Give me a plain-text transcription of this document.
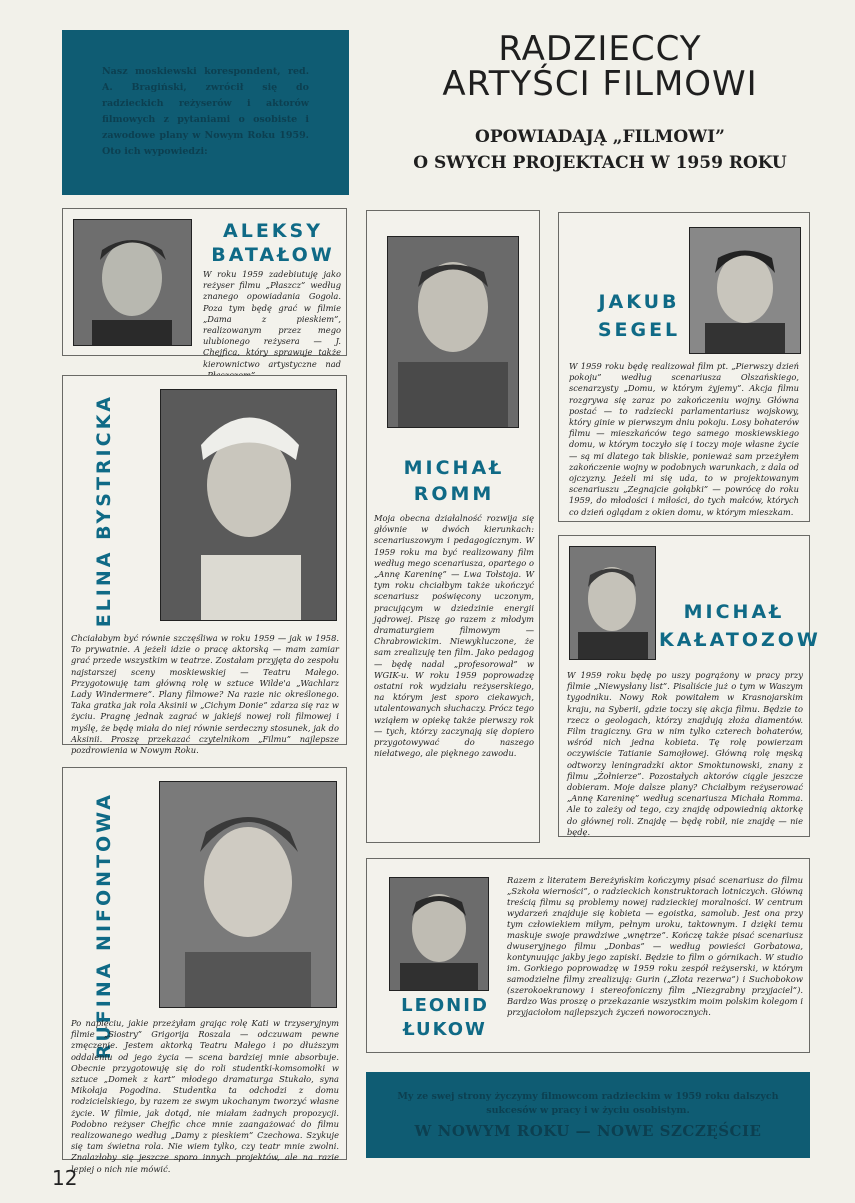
Nasz moskiewski korespondent, red. A. Bragiński, zwrócił się do radzieckich reżyserów i aktorów filmowych z pytaniami o osobiste i zawodowe plany w Nowym Roku 1959. Oto ich wypowiedzi:
RADZIECCY
ARTYŚCI FILMOWI
OPOWIADAJĄ „FILMOWI”
O SWYCH PROJEKTACH W 1959 ROKU
ALEKSY
BATAŁOW
W roku 1959 zadebiutuję jako reżyser filmu „Płaszcz” według znanego opowiadania Gogola. Poza tym będę grać w filmie „Dama z pieskiem”, realizowanym przez mego ulubionego reżysera — J. Chejfica, który sprawuje także kierownictwo artystyczne nad
ELINA BYSTRICKA
Chciałabym być równie szczęśliwa w roku 1959 — jak w 1958. To prywatnie. A jeżeli idzie o pracę aktorską — mam zamiar grać przede wszystkim w teatrze. Zostałam przyjęta do zespołu najstarszej sceny moskiewskiej — Teatru Małego. Przygotowuję tam główną rolę w sztuce Wilde'a „Wachlarz Lady Windermere”. Plany filmowe? Na razie nic określonego. Taka gratka jak rola Aksinii w „Cichym Donie” zdarza się raz w życiu. Pragnę jednak zagrać w jakiejś nowej roli filmowej i myślę, że będę miała do niej równie serdeczny stosunek, jak do Aksinii. Proszę przekazać czytelnikom „Filmu” najlepsze pozdrowienia w Nowym Roku.
RUFINA NIFONTOWA
Po napięciu, jakie przeżyłam grając rolę Kati w trzyseryjnym filmie „Siostry” Grigorija Roszala — odczuwam pewne zmęczenie. Jestem aktorką Teatru Małego i po dłuższym oddaleniu od jego życia — scena bardziej mnie absorbuje. Obecnie przygotowuję się do roli studentki-komsomołki w sztuce „Domek z kart” młodego dramaturga Stukało, syna Mikołaja Pogodina. Studentka ta odchodzi z domu rodzicielskiego, by razem ze swym ukochanym tworzyć własne życie. W filmie, jak dotąd, nie miałam żadnych propozycji. Podobno reżyser Chejfic chce mnie zaangażować do filmu realizowanego według „Damy z pieskiem” Czechowa. Szykuje się tam świetna rola. Nie wiem tylko, czy teatr mnie zwolni. Znalazłoby się jeszcze sporo innych projektów, ale na razie lepiej o nich nie mówić.
MICHAŁ
ROMM
Moja obecna działalność rozwija się głównie w dwóch kierunkach: scenariuszowym i pedagogicznym. W 1959 roku ma być realizowany film według mego scenariusza, opartego o „Annę Kareninę” — Lwa Tołstoja. W tym roku chciałbym także ukończyć scenariusz poświęcony uczonym, pracującym w dziedzinie energii jądrowej. Piszę go razem z młodym dramaturgiem filmowym — Chrabrowickim. Niewykluczone, że sam zrealizuję ten film. Jako pedagog — będę nadal „profesorował” w WGIK-u. W roku 1959 poprowadzę ostatni rok wydziału reżyserskiego, na którym jest sporo ciekawych, utalentowanych słuchaczy. Prócz tego wziąłem w opiekę także pierwszy rok — tych, którzy zaczynają się dopiero przygotowywać do naszego niełatwego, ale pięknego zawodu.
JAKUB
SEGEL
W 1959 roku będę realizował film pt. „Pierwszy dzień pokoju” według scenariusza Olszańskiego, scenarzysty „Domu, w którym żyjemy”. Akcja filmu rozgrywa się zaraz po zakończeniu wojny. Główna postać — to radziecki parlamentariusz wojskowy, który ginie w pierwszym dniu pokoju. Losy bohaterów filmu — mieszkańców tego samego moskiewskiego domu, w którym toczyło się i toczy moje własne życie — są mi dlatego tak bliskie, ponieważ sam przeżyłem zakończenie wojny w podobnych warunkach, z dala od ojczyzny. Jeżeli mi się uda, to w projektowanym scenariuszu „Zegnajcie gołąbki” — powrócę do roku 1959, do młodości i miłości, do tych małców, których co dzień oglądam z okien domu, w którym mieszkam.
MICHAŁ
KAŁATOZOW
W 1959 roku będę po uszy pogrążony w pracy przy filmie „Niewysłany list”. Pisaliście już o tym w Waszym tygodniku. Nowy Rok powitałem w Krasnojarskim kraju, na Syberii, gdzie toczy się akcja filmu. Będzie to rzecz o geologach, którzy znajdują złoża diamentów. Film tragiczny. Gra w nim tylko czterech bohaterów, wśród nich jedna kobieta. Tę rolę powierzam oczywiście Tatianie Samojłowej. Główną rolę męską odtworzy leningradzki aktor Smoktunowski, znany z filmu „Żołnierze”. Pozostałych aktorów ciągle jeszcze dobieram. Moje dalsze plany? Chciałbym reżyserować „Annę Kareninę” według scenariusza Michała Romma. Ale to zależy od tego, czy znajdę odpowiednią aktorkę do głównej roli. Znajdę — będę robił, nie znajdę — nie będę.
LEONID
ŁUKOW
Razem z literatem Bereżyńskim kończymy pisać scenariusz do filmu „Szkoła wierności”, o radzieckich konstruktorach lotniczych. Główną treścią filmu są problemy nowej radzieckiej moralności. W centrum wydarzeń znajduje się kobieta — egoistka, samolub. Jest ona przy tym człowiekiem miłym, pełnym uroku, taktownym. I dzięki temu maskuje swoje prawdziwe „wnętrze”. Kończę także pisać scenariusz dwuseryjnego filmu „Donbas” — według powieści Gorbatowa, kontynuując jakby jego zapiski. Będzie to film o górnikach. W studio im. Gorkiego poprowadzę w 1959 roku zespół reżyserski, w którym samodzielne filmy zrealizują: Gurin („Złota rezerwa”) i Suchobokow (szerokoekranowy i stereofoniczny film „Niezgrabny przyjaciel”). Bardzo Was proszę o przekazanie wszystkim moim polskim kolegom i przyjaciołom najlepszych życzeń noworocznych.
My ze swej strony życzymy filmowcom radzieckim w 1959 roku dalszych sukcesów w pracy i w życiu osobistym.
W NOWYM ROKU — NOWE SZCZĘŚCIE
12
